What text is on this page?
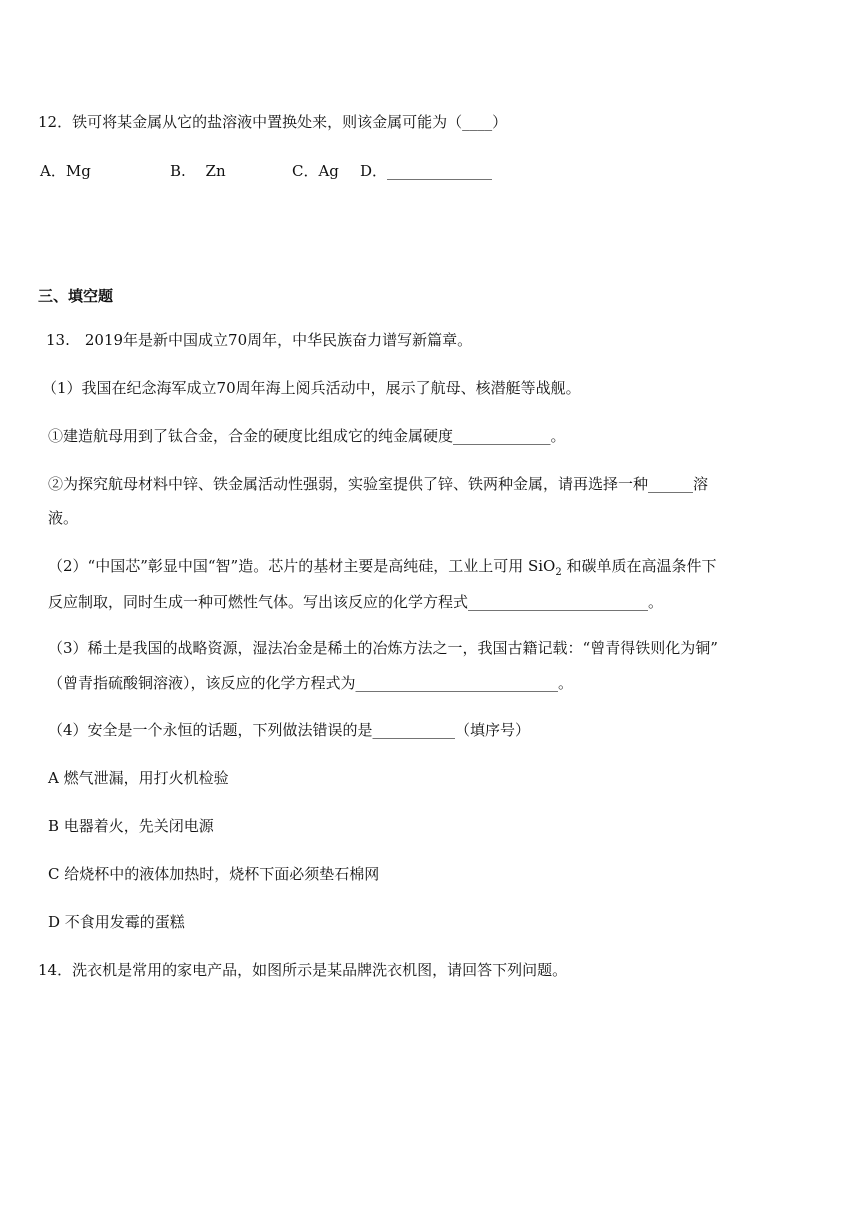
12．铁可将某金属从它的盐溶液中置换处来，则该金属可能为（____）

A．Mg	B.　 Zn	C．Ag D．______________

三、填空题

13.　2019年是新中国成立70周年，中华民族奋力谱写新篇章。

（1）我国在纪念海军成立70周年海上阅兵活动中，展示了航母、核潜艇等战舰。

①建造航母用到了钛合金，合金的硬度比组成它的纯金属硬度_____________。

②为探究航母材料中锌、铁金属活动性强弱，实验室提供了锌、铁两种金属，请再选择一种______溶

液。

（2）“中国芯”彰显中国“智”造。芯片的基材主要是高纯硅，工业上可用 SiO$_2$ 和碳单质在高温条件下

反应制取，同时生成一种可燃性气体。写出该反应的化学方程式________________________。

（3）稀土是我国的战略资源，湿法冶金是稀土的冶炼方法之一，我国古籍记载：“曾青得铁则化为铜”

（曾青指硫酸铜溶液），该反应的化学方程式为___________________________。

（4）安全是一个永恒的话题，下列做法错误的是___________（填序号）

A 燃气泄漏，用打火机检验

B 电器着火，先关闭电源

C 给烧杯中的液体加热时，烧杯下面必须垫石棉网

D 不食用发霉的蛋糕

14．洗衣机是常用的家电产品，如图所示是某品牌洗衣机图，请回答下列问题。
